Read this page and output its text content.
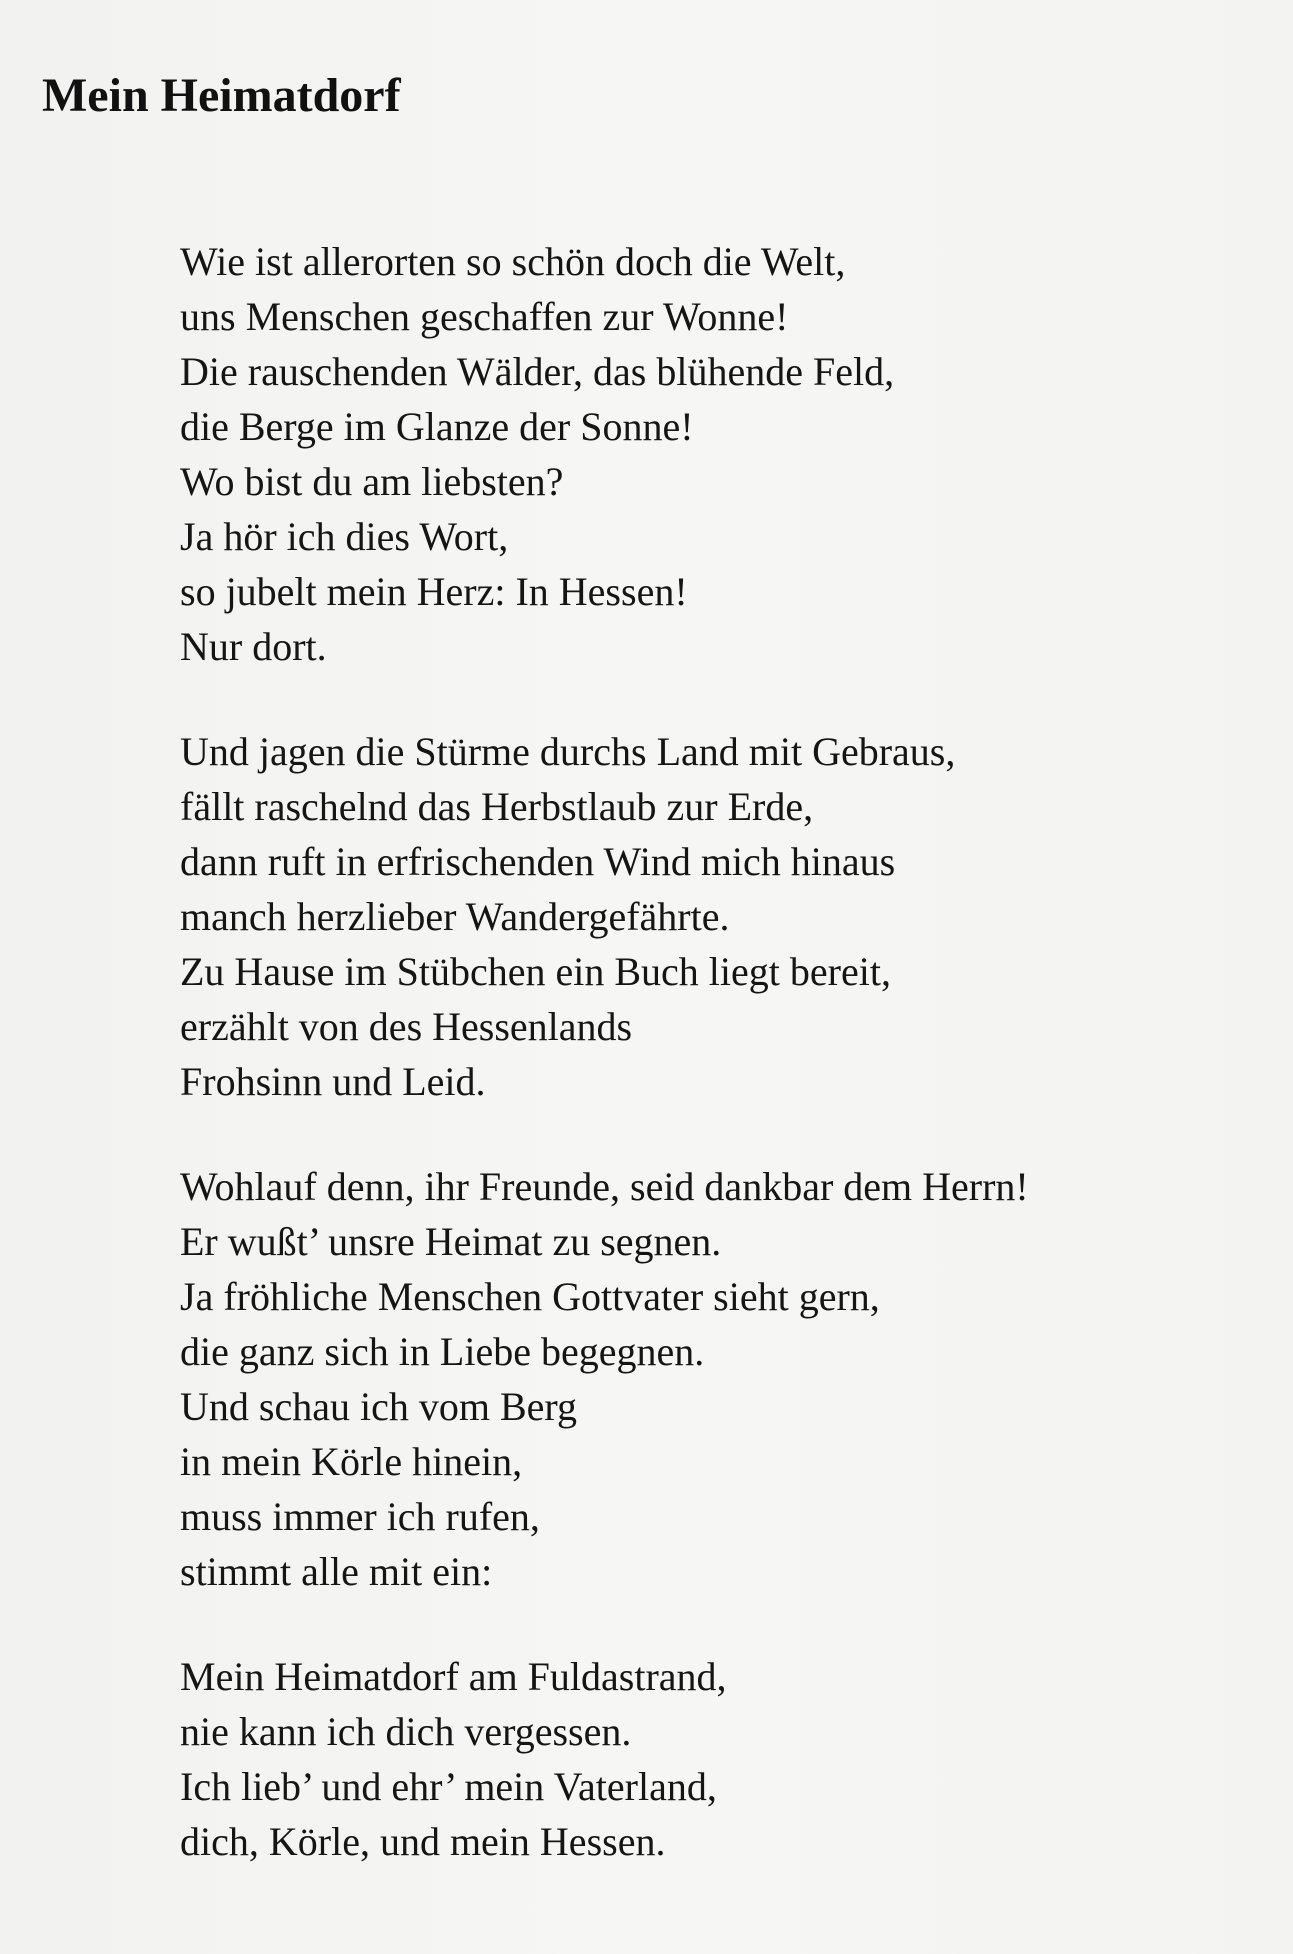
Mein Heimatdorf
Wie ist allerorten so schön doch die Welt,
uns Menschen geschaffen zur Wonne!
Die rauschenden Wälder, das blühende Feld,
die Berge im Glanze der Sonne!
Wo bist du am liebsten?
Ja hör ich dies Wort,
so jubelt mein Herz: In Hessen!
Nur dort.
Und jagen die Stürme durchs Land mit Gebraus,
fällt raschelnd das Herbstlaub zur Erde,
dann ruft in erfrischenden Wind mich hinaus
manch herzlieber Wandergefährte.
Zu Hause im Stübchen ein Buch liegt bereit,
erzählt von des Hessenlands
Frohsinn und Leid.
Wohlauf denn, ihr Freunde, seid dankbar dem Herrn!
Er wußt’ unsre Heimat zu segnen.
Ja fröhliche Menschen Gottvater sieht gern,
die ganz sich in Liebe begegnen.
Und schau ich vom Berg
in mein Körle hinein,
muss immer ich rufen,
stimmt alle mit ein:
Mein Heimatdorf am Fuldastrand,
nie kann ich dich vergessen.
Ich lieb’ und ehr’ mein Vaterland,
dich, Körle, und mein Hessen.
